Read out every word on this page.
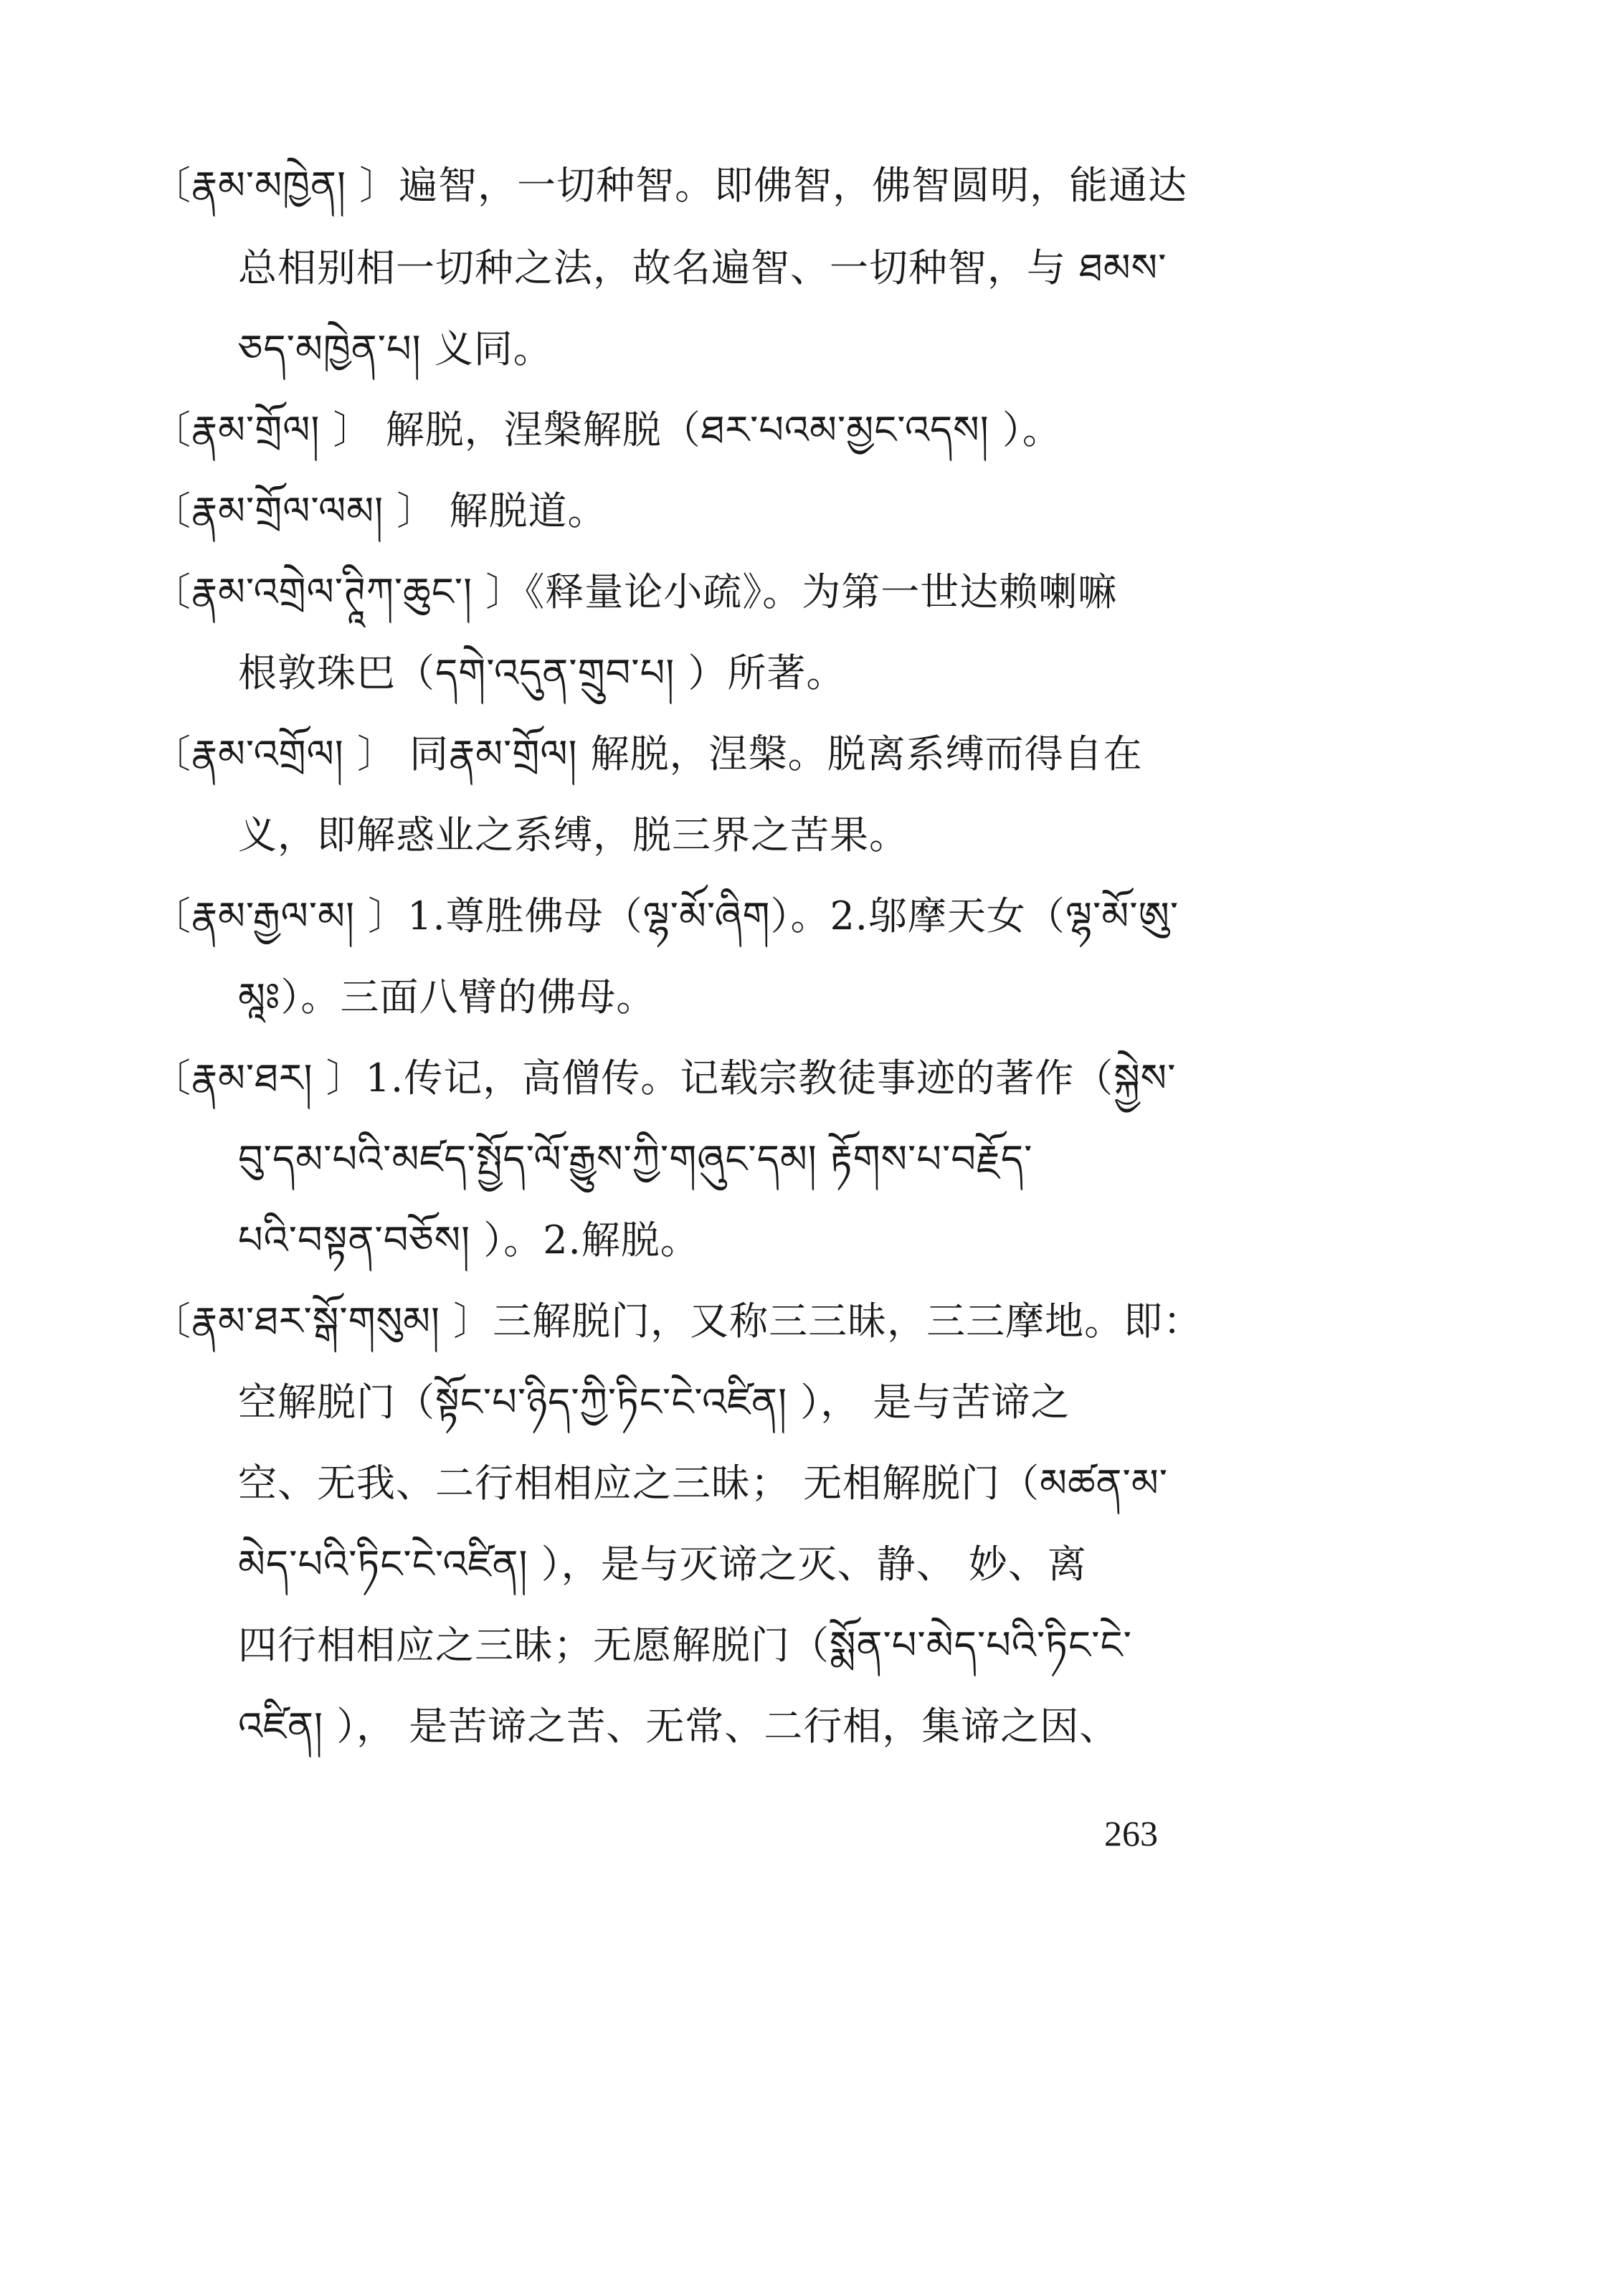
〔རྣམ་མཁྱེན། 〕遍智，一切种智。即佛智，佛智圆明，能通达
总相别相一切种之法，故名遍智、一切种智，与 ཐམས་
ཅད་མཁྱེན་པ། 义同。
〔རྣམ་གྲོལ། 〕 解脱，涅槃解脱（ཐར་པའམ་མྱང་འདས། ）。
〔རྣམ་གྲོལ་ལམ། 〕 解脱道。
〔རྣམ་འགྲེལ་ཊཱིཀ་ཆུང་། 〕《释量论小疏》。为第一世达赖喇嘛
根敦珠巴（དགེ་འདུན་གྲུབ་པ། ）所著。
〔རྣམ་འགྲོལ། 〕 同རྣམ་གྲོལ། 解脱，涅槃。脱离系缚而得自在
义，即解惑业之系缚，脱三界之苦果。
〔རྣམ་རྒྱལ་མ། 〕1.尊胜佛母（ལྷ་མོ་ཞིག）。2.邬摩天女（ལྷ་མོ་ཨུ་
མཱཿ）。三面八臂的佛母。
〔རྣམ་ཐར། 〕1.传记，高僧传。记载宗教徒事迹的著作（སྐྱེས་
བུ་དམ་པའི་མཛད་སྤྱོད་ལོ་རྒྱུས་ཀྱི་གཞུང་དམ། རྟོགས་པ་བརྗོད་
པའི་བསྟན་བཅོས། ）。2.解脱。
〔རྣམ་ཐར་སྒོ་གསུམ། 〕三解脱门，又称三三昧，三三摩地。即：
空解脱门（སྟོང་པ་ཉིད་ཀྱི་ཏིང་ངེ་འཛིན། ）， 是与苦谛之
空、无我、二行相相应之三昧； 无相解脱门（མཚན་མ་
མེད་པའི་ཏིང་ངེ་འཛིན། ），是与灭谛之灭、静、 妙、离
四行相相应之三昧；无愿解脱门（སྨོན་པ་མེད་པའི་ཏིང་ངེ་
འཛིན། ）， 是苦谛之苦、无常、二行相，集谛之因、
263
